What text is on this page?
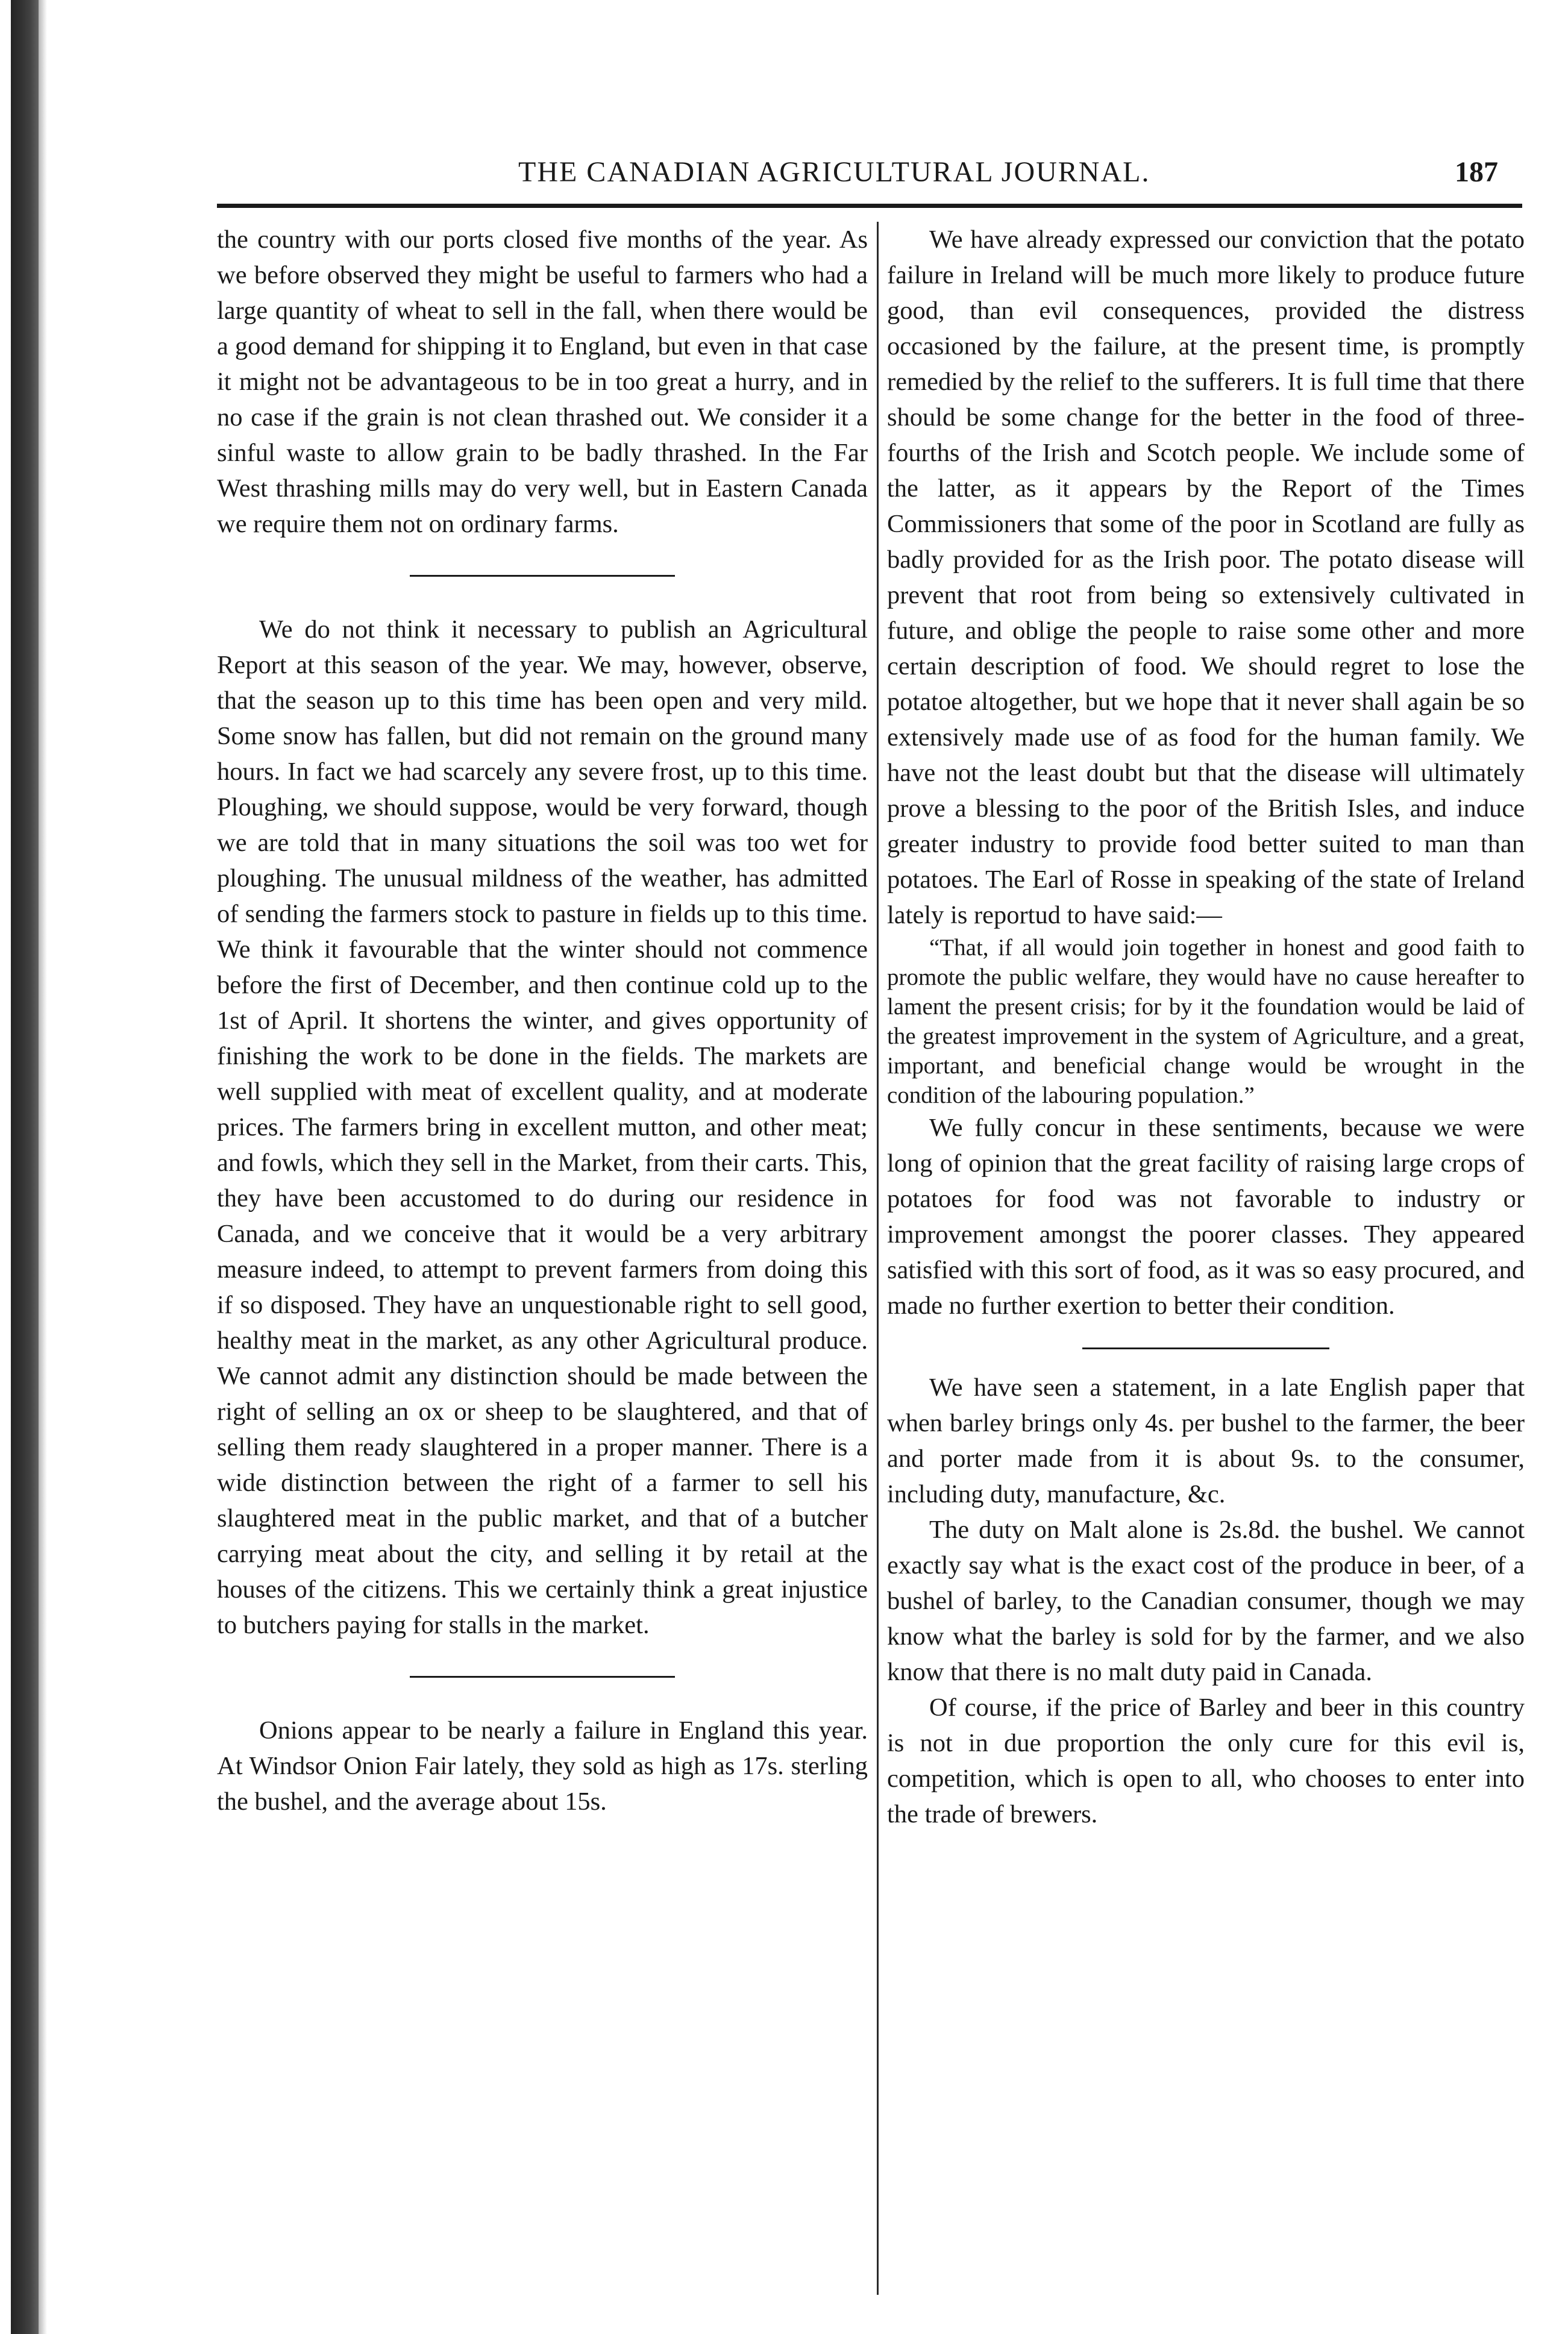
THE CANADIAN AGRICULTURAL JOURNAL.	187

the country with our ports closed five months of the year. As we before observed they might be useful to farmers who had a large quantity of wheat to sell in the fall, when there would be a good demand for shipping it to England, but even in that case it might not be advantageous to be in too great a hurry, and in no case if the grain is not clean thrashed out. We consider it a sinful waste to allow grain to be badly thrashed. In the Far West thrashing mills may do very well, but in Eastern Canada we require them not on ordinary farms.

We do not think it necessary to publish an Agricultural Report at this season of the year. We may, however, observe, that the season up to this time has been open and very mild. Some snow has fallen, but did not remain on the ground many hours. In fact we had scarcely any severe frost, up to this time. Ploughing, we should suppose, would be very forward, though we are told that in many situations the soil was too wet for ploughing. The unusual mildness of the weather, has admitted of sending the farmers stock to pasture in fields up to this time. We think it favourable that the winter should not commence before the first of December, and then continue cold up to the 1st of April. It shortens the winter, and gives opportunity of finishing the work to be done in the fields. The markets are well supplied with meat of excellent quality, and at moderate prices. The farmers bring in excellent mutton, and other meat; and fowls, which they sell in the Market, from their carts. This, they have been accustomed to do during our residence in Canada, and we conceive that it would be a very arbitrary measure indeed, to attempt to prevent farmers from doing this if so disposed. They have an unquestionable right to sell good, healthy meat in the market, as any other Agricultural produce. We cannot admit any distinction should be made between the right of selling an ox or sheep to be slaughtered, and that of selling them ready slaughtered in a proper manner. There is a wide distinction between the right of a farmer to sell his slaughtered meat in the public market, and that of a butcher carrying meat about the city, and selling it by retail at the houses of the citizens. This we certainly think a great injustice to butchers paying for stalls in the market.

Onions appear to be nearly a failure in England this year. At Windsor Onion Fair lately, they sold as high as 17s. sterling the bushel, and the average about 15s.

We have already expressed our conviction that the potato failure in Ireland will be much more likely to produce future good, than evil consequences, provided the distress occasioned by the failure, at the present time, is promptly remedied by the relief to the sufferers. It is full time that there should be some change for the better in the food of three-fourths of the Irish and Scotch people. We include some of the latter, as it appears by the Report of the Times Commissioners that some of the poor in Scotland are fully as badly provided for as the Irish poor. The potato disease will prevent that root from being so extensively cultivated in future, and oblige the people to raise some other and more certain description of food. We should regret to lose the potatoe altogether, but we hope that it never shall again be so extensively made use of as food for the human family. We have not the least doubt but that the disease will ultimately prove a blessing to the poor of the British Isles, and induce greater industry to provide food better suited to man than potatoes. The Earl of Rosse in speaking of the state of Ireland lately is reportud to have said:—

“That, if all would join together in honest and good faith to promote the public welfare, they would have no cause hereafter to lament the present crisis; for by it the foundation would be laid of the greatest improvement in the system of Agriculture, and a great, important, and beneficial change would be wrought in the condition of the labouring population.”

We fully concur in these sentiments, because we were long of opinion that the great facility of raising large crops of potatoes for food was not favorable to industry or improvement amongst the poorer classes. They appeared satisfied with this sort of food, as it was so easy procured, and made no further exertion to better their condition.

We have seen a statement, in a late English paper that when barley brings only 4s. per bushel to the farmer, the beer and porter made from it is about 9s. to the consumer, including duty, manufacture, &c.

The duty on Malt alone is 2s.8d. the bushel. We cannot exactly say what is the exact cost of the produce in beer, of a bushel of barley, to the Canadian consumer, though we may know what the barley is sold for by the farmer, and we also know that there is no malt duty paid in Canada.

Of course, if the price of Barley and beer in this country is not in due proportion the only cure for this evil is, competition, which is open to all, who chooses to enter into the trade of brewers.
